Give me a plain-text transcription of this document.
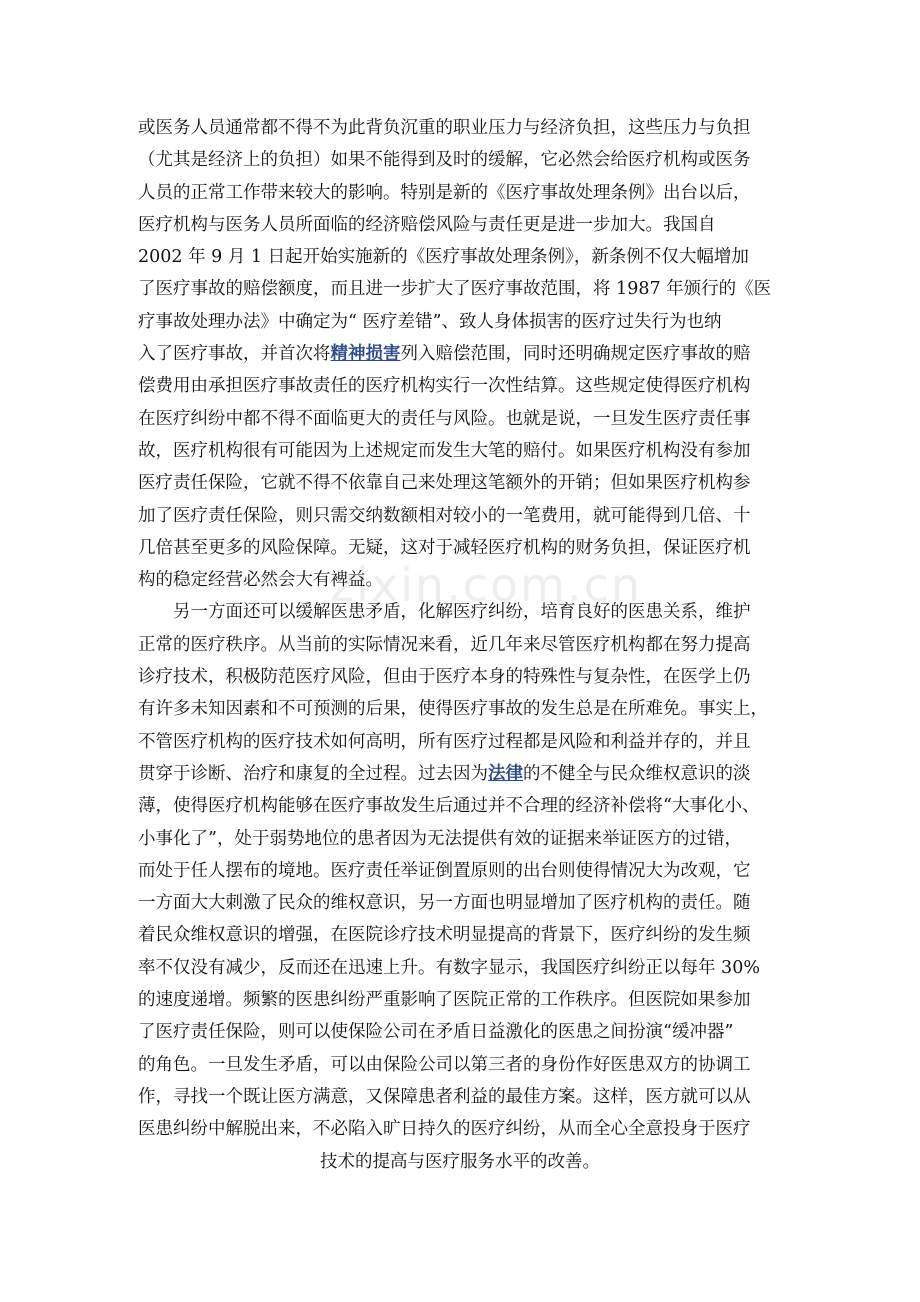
zixin.com.cn
或医务人员通常都不得不为此背负沉重的职业压力与经济负担，这些压力与负担
（尤其是经济上的负担）如果不能得到及时的缓解，它必然会给医疗机构或医务
人员的正常工作带来较大的影响。特别是新的《医疗事故处理条例》出台以后，
医疗机构与医务人员所面临的经济赔偿风险与责任更是进一步加大。我国自
2002 年 9 月 1 日起开始实施新的《医疗事故处理条例》，新条例不仅大幅增加
了医疗事故的赔偿额度，而且进一步扩大了医疗事故范围，将 1987 年颁行的《医
疗事故处理办法》中确定为“ 医疗差错”、致人身体损害的医疗过失行为也纳
入了医疗事故，并首次将 精神损害 列入赔偿范围，同时还明确规定医疗事故的赔
偿费用由承担医疗事故责任的医疗机构实行一次性结算。这些规定使得医疗机构
在医疗纠纷中都不得不面临更大的责任与风险。也就是说，一旦发生医疗责任事
故，医疗机构很有可能因为上述规定而发生大笔的赔付。如果医疗机构没有参加
医疗责任保险，它就不得不依靠自己来处理这笔额外的开销；但如果医疗机构参
加了医疗责任保险，则只需交纳数额相对较小的一笔费用，就可能得到几倍、十
几倍甚至更多的风险保障。无疑，这对于减轻医疗机构的财务负担，保证医疗机
构的稳定经营必然会大有裨益。
另一方面还可以缓解医患矛盾，化解医疗纠纷，培育良好的医患关系，维护
正常的医疗秩序。从当前的实际情况来看，近几年来尽管医疗机构都在努力提高
诊疗技术，积极防范医疗风险，但由于医疗本身的特殊性与复杂性，在医学上仍
有许多未知因素和不可预测的后果，使得医疗事故的发生总是在所难免。事实上，
不管医疗机构的医疗技术如何高明，所有医疗过程都是风险和利益并存的，并且
贯穿于诊断、治疗和康复的全过程。过去因为 法律 的不健全与民众维权意识的淡
薄，使得医疗机构能够在医疗事故发生后通过并不合理的经济补偿将“大事化小、
小事化了”，处于弱势地位的患者因为无法提供有效的证据来举证医方的过错，
而处于任人摆布的境地。医疗责任举证倒置原则的出台则使得情况大为改观，它
一方面大大刺激了民众的维权意识，另一方面也明显增加了医疗机构的责任。随
着民众维权意识的增强，在医院诊疗技术明显提高的背景下，医疗纠纷的发生频
率不仅没有减少，反而还在迅速上升。有数字显示，我国医疗纠纷正以每年 30%
的速度递增。频繁的医患纠纷严重影响了医院正常的工作秩序。但医院如果参加
了医疗责任保险，则可以使保险公司在矛盾日益激化的医患之间扮演“缓冲器”
的角色。一旦发生矛盾，可以由保险公司以第三者的身份作好医患双方的协调工
作，寻找一个既让医方满意，又保障患者利益的最佳方案。这样，医方就可以从
医患纠纷中解脱出来，不必陷入旷日持久的医疗纠纷，从而全心全意投身于医疗
技术的提高与医疗服务水平的改善。
